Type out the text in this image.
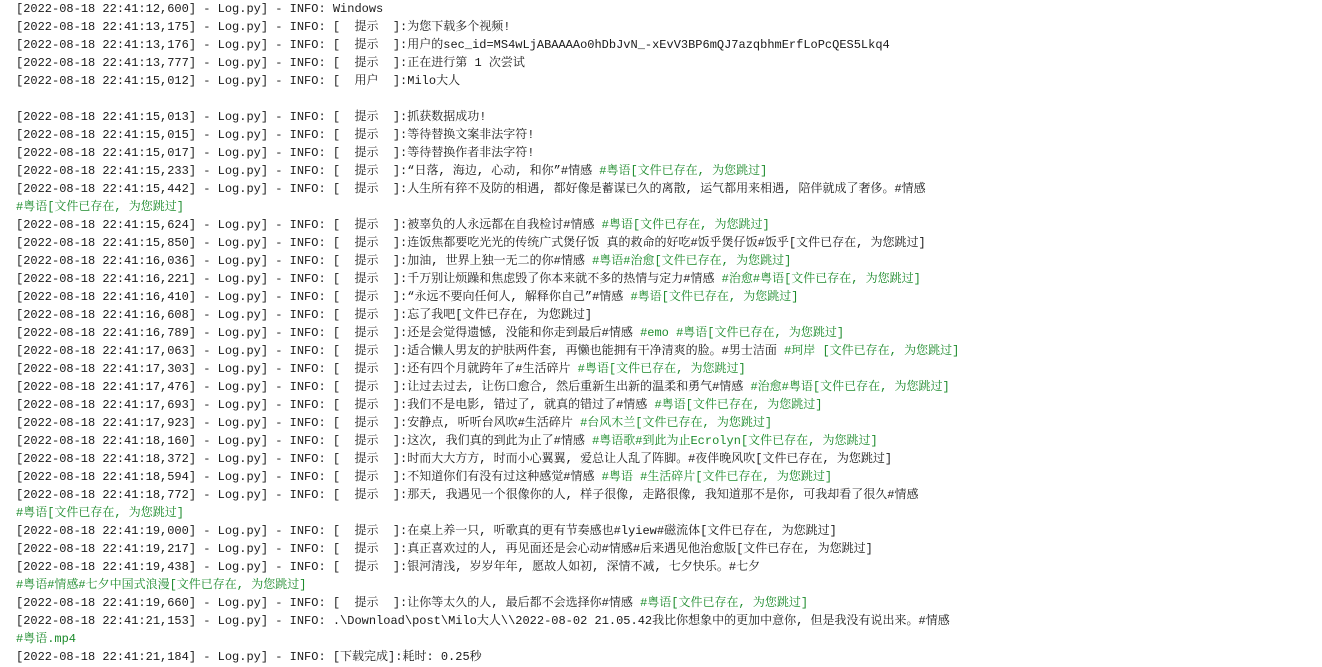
[2022-08-18 22:41:12,600] - Log.py] - INFO: Windows
[2022-08-18 22:41:13,175] - Log.py] - INFO: [  提示  ]:为您下载多个视频!
[2022-08-18 22:41:13,176] - Log.py] - INFO: [  提示  ]:用户的sec_id=MS4wLjABAAAAo0hDbJvN_-xEvV3BP6mQJ7azqbhmErfLoPcQES5Lkq4
[2022-08-18 22:41:13,777] - Log.py] - INFO: [  提示  ]:正在进行第 1 次尝试
[2022-08-18 22:41:15,012] - Log.py] - INFO: [  用户  ]:Milo大人
[2022-08-18 22:41:15,013] - Log.py] - INFO: [  提示  ]:抓获数据成功!
[2022-08-18 22:41:15,015] - Log.py] - INFO: [  提示  ]:等待替换文案非法字符!
[2022-08-18 22:41:15,017] - Log.py] - INFO: [  提示  ]:等待替换作者非法字符!
[2022-08-18 22:41:15,233] - Log.py] - INFO: [  提示  ]:“日落, 海边, 心动, 和你”#情感 #粤语[文件已存在, 为您跳过]
[2022-08-18 22:41:15,442] - Log.py] - INFO: [  提示  ]:人生所有猝不及防的相遇, 都好像是蓄谋已久的离散, 运气都用来相遇, 陪伴就成了奢侈。#情感
#粤语[文件已存在, 为您跳过]
[2022-08-18 22:41:15,624] - Log.py] - INFO: [  提示  ]:被辜负的人永远都在自我检讨#情感 #粤语[文件已存在, 为您跳过]
[2022-08-18 22:41:15,850] - Log.py] - INFO: [  提示  ]:连饭焦都要吃光光的传统广式煲仔饭 真的救命的好吃#饭乎煲仔饭#饭乎[文件已存在, 为您跳过]
[2022-08-18 22:41:16,036] - Log.py] - INFO: [  提示  ]:加油, 世界上独一无二的你#情感 #粤语#治愈[文件已存在, 为您跳过]
[2022-08-18 22:41:16,221] - Log.py] - INFO: [  提示  ]:千万别让烦躁和焦虑毁了你本来就不多的热情与定力#情感 #治愈#粤语[文件已存在, 为您跳过]
[2022-08-18 22:41:16,410] - Log.py] - INFO: [  提示  ]:“永远不要向任何人, 解释你自己”#情感 #粤语[文件已存在, 为您跳过]
[2022-08-18 22:41:16,608] - Log.py] - INFO: [  提示  ]:忘了我吧[文件已存在, 为您跳过]
[2022-08-18 22:41:16,789] - Log.py] - INFO: [  提示  ]:还是会觉得遗憾, 没能和你走到最后#情感 #emo #粤语[文件已存在, 为您跳过]
[2022-08-18 22:41:17,063] - Log.py] - INFO: [  提示  ]:适合懒人男友的护肤两件套, 再懒也能拥有干净清爽的脸。#男士洁面 #珂岸 [文件已存在, 为您跳过]
[2022-08-18 22:41:17,303] - Log.py] - INFO: [  提示  ]:还有四个月就跨年了#生活碎片 #粤语[文件已存在, 为您跳过]
[2022-08-18 22:41:17,476] - Log.py] - INFO: [  提示  ]:让过去过去, 让伤口愈合, 然后重新生出新的温柔和勇气#情感 #治愈#粤语[文件已存在, 为您跳过]
[2022-08-18 22:41:17,693] - Log.py] - INFO: [  提示  ]:我们不是电影, 错过了, 就真的错过了#情感 #粤语[文件已存在, 为您跳过]
[2022-08-18 22:41:17,923] - Log.py] - INFO: [  提示  ]:安静点, 听听台风吹#生活碎片 #台风木兰[文件已存在, 为您跳过]
[2022-08-18 22:41:18,160] - Log.py] - INFO: [  提示  ]:这次, 我们真的到此为止了#情感 #粤语歌#到此为止Ecrolyn[文件已存在, 为您跳过]
[2022-08-18 22:41:18,372] - Log.py] - INFO: [  提示  ]:时而大大方方, 时而小心翼翼, 爱总让人乱了阵脚。#夜伴晚风吹[文件已存在, 为您跳过]
[2022-08-18 22:41:18,594] - Log.py] - INFO: [  提示  ]:不知道你们有没有过这种感觉#情感 #粤语 #生活碎片[文件已存在, 为您跳过]
[2022-08-18 22:41:18,772] - Log.py] - INFO: [  提示  ]:那天, 我遇见一个很像你的人, 样子很像, 走路很像, 我知道那不是你, 可我却看了很久#情感
#粤语[文件已存在, 为您跳过]
[2022-08-18 22:41:19,000] - Log.py] - INFO: [  提示  ]:在桌上养一只, 听歌真的更有节奏感也#lyiew#磁流体[文件已存在, 为您跳过]
[2022-08-18 22:41:19,217] - Log.py] - INFO: [  提示  ]:真正喜欢过的人, 再见面还是会心动#情感#后来遇见他治愈版[文件已存在, 为您跳过]
[2022-08-18 22:41:19,438] - Log.py] - INFO: [  提示  ]:银河清浅, 岁岁年年, 愿故人如初, 深情不减, 七夕快乐。#七夕
#粤语#情感#七夕中国式浪漫[文件已存在, 为您跳过]
[2022-08-18 22:41:19,660] - Log.py] - INFO: [  提示  ]:让你等太久的人, 最后都不会选择你#情感 #粤语[文件已存在, 为您跳过]
[2022-08-18 22:41:21,153] - Log.py] - INFO: .\Download\post\Milo大人\\2022-08-02 21.05.42我比你想象中的更加中意你, 但是我没有说出来。#情感
#粤语.mp4
[2022-08-18 22:41:21,184] - Log.py] - INFO: [下载完成]:耗时: 0.25秒
